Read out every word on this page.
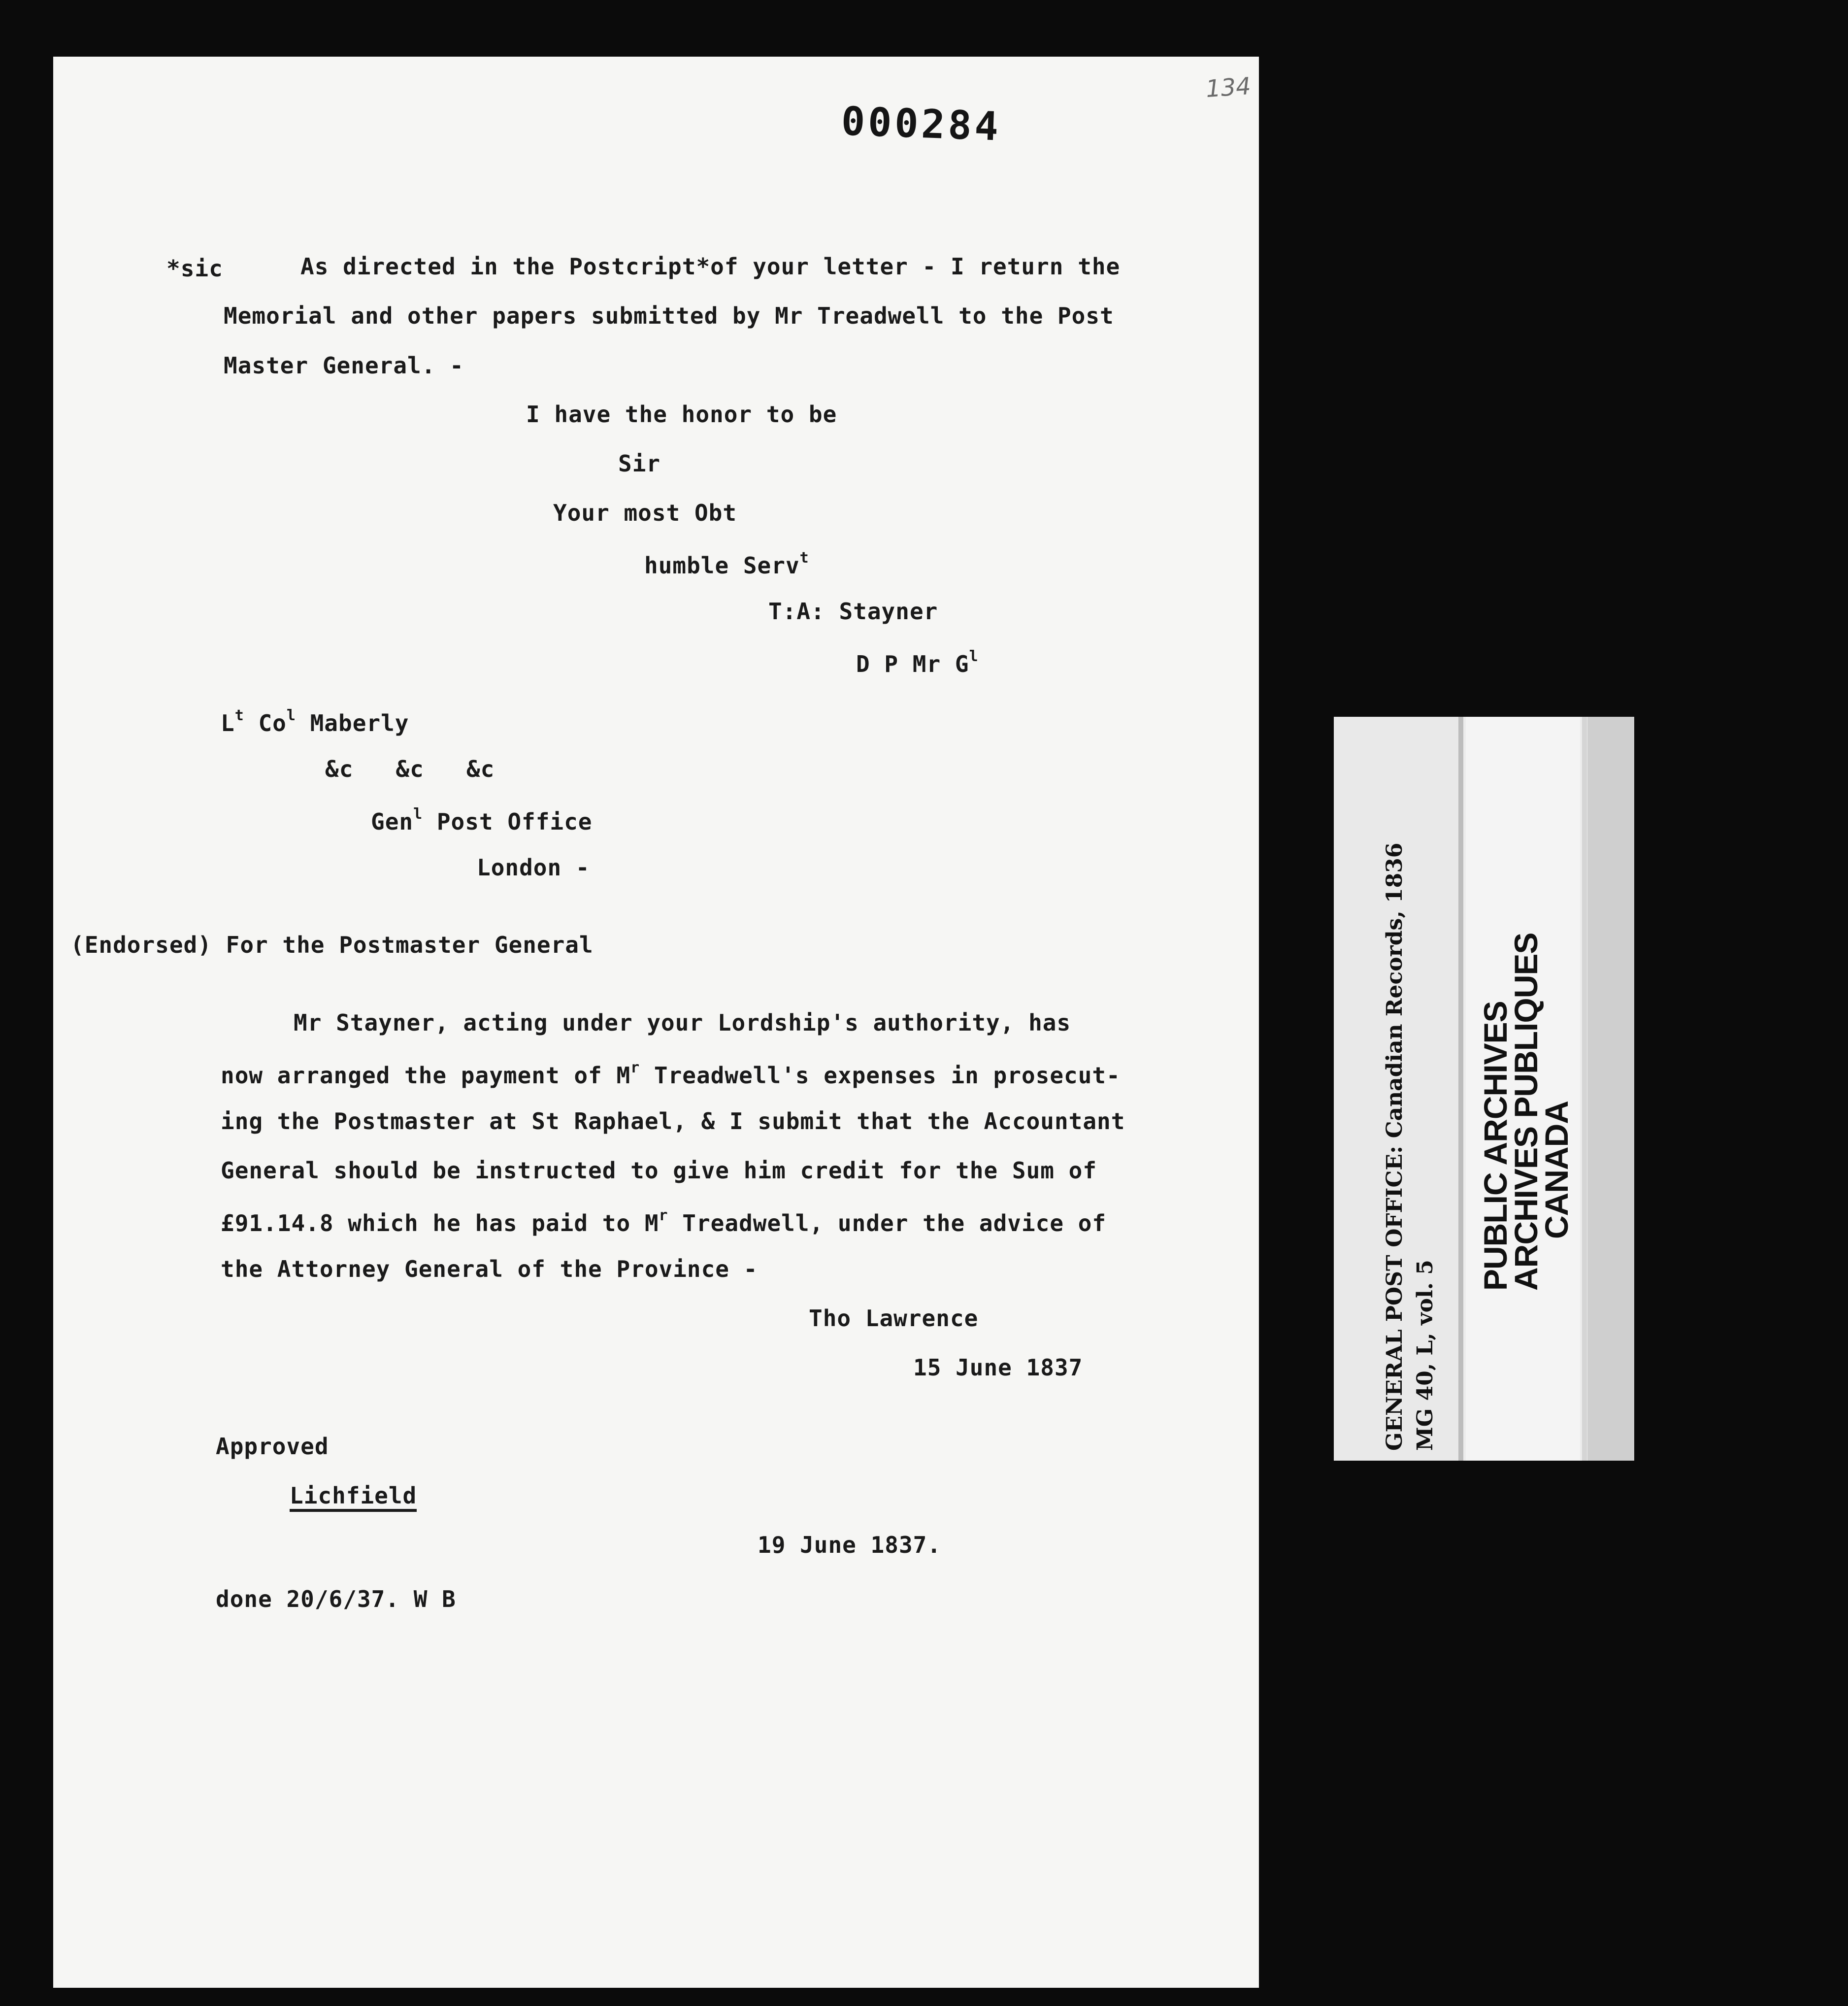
000284
134
*sic	As directed in the Postcript*of your letter - I return the
Memorial and other papers submitted by Mr Treadwell to the Post
Master General. -
I have the honor to be
Sir
Your most Obt
humble Serv$^t$
T:A: Stayner
D P Mr $G^l$
$L^t$ Co$^l$ Maberly
&c   &c   &c
Gen$^l$ Post Office
London -
(Endorsed) For the Postmaster General
Mr Stayner, acting under your Lordship's authority, has
now arranged the payment of $M^r$ Treadwell's expenses in prosecut-
ing the Postmaster at St Raphael, & I submit that the Accountant
General should be instructed to give him credit for the Sum of
£91.14.8 which he has paid to $M^r$ Treadwell, under the advice of
the Attorney General of the Province -
Tho Lawrence
15 June 1837
Approved
Lichfield
19 June 1837.
done 20/6/37. W B
GENERAL POST OFFICE: Canadian Records, 1836 MG 40, L, vol. 5
PUBLIC ARCHIVES
ARCHIVES PUBLIQUES
CANADA
